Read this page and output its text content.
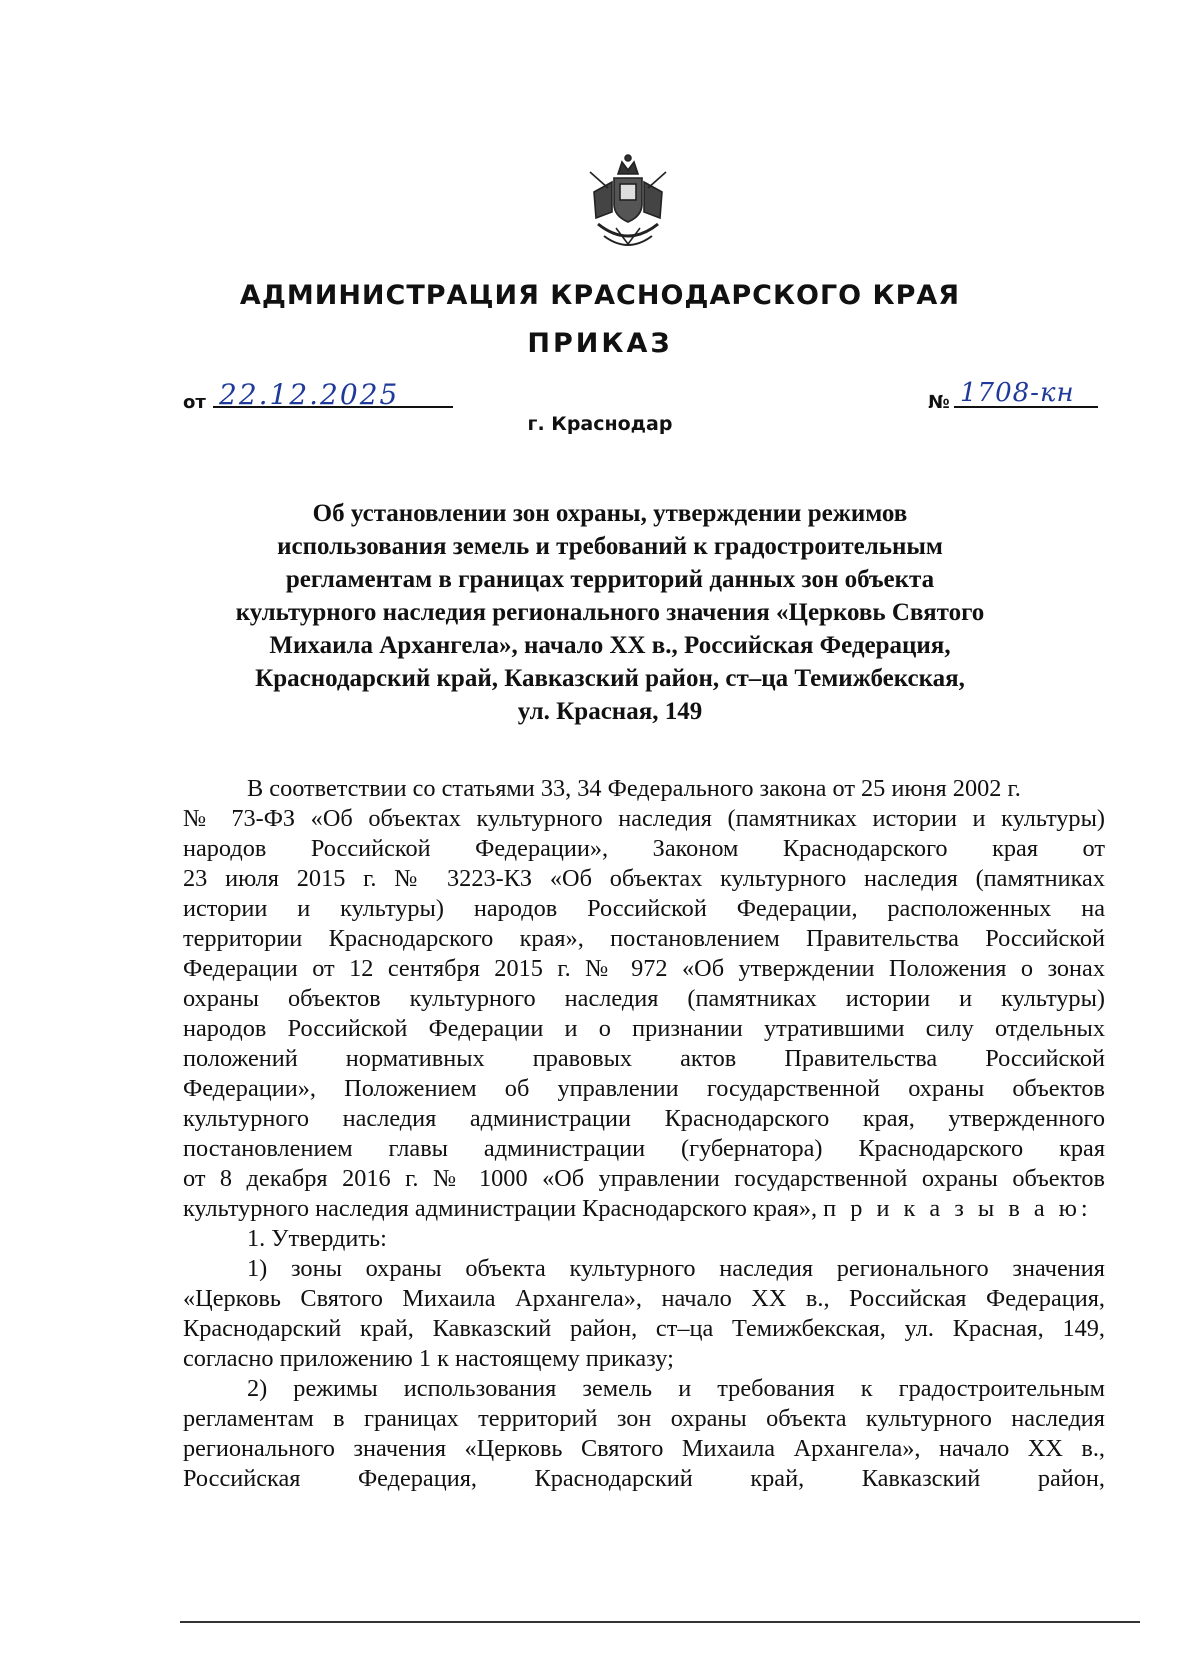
АДМИНИСТРАЦИЯ КРАСНОДАРСКОГО КРАЯ
ПРИКАЗ
от 22.12.2025	№ 1708-кн
г. Краснодар
Об установлении зон охраны, утверждении режимов
использования земель и требований к градостроительным
регламентам в границах территорий данных зон объекта
культурного наследия регионального значения «Церковь Святого
Михаила Архангела», начало XX в., Российская Федерация,
Краснодарский край, Кавказский район, ст–ца Темижбекская,
ул. Красная, 149
В соответствии со статьями 33, 34 Федерального закона от 25 июня 2002 г.
№ 73-ФЗ «Об объектах культурного наследия (памятниках истории и культуры)
народов Российской Федерации», Законом Краснодарского края от
23 июля 2015 г. № 3223-КЗ «Об объектах культурного наследия (памятниках
истории и культуры) народов Российской Федерации, расположенных на
территории Краснодарского края», постановлением Правительства Российской
Федерации от 12 сентября 2015 г. № 972 «Об утверждении Положения о зонах
охраны объектов культурного наследия (памятниках истории и культуры)
народов Российской Федерации и о признании утратившими силу отдельных
положений нормативных правовых актов Правительства Российской
Федерации», Положением об управлении государственной охраны объектов
культурного наследия администрации Краснодарского края, утвержденного
постановлением главы администрации (губернатора) Краснодарского края
от 8 декабря 2016 г. № 1000 «Об управлении государственной охраны объектов
культурного наследия администрации Краснодарского края», п р и к а з ы в а ю:
1. Утвердить:
1) зоны охраны объекта культурного наследия регионального значения
«Церковь Святого Михаила Архангела», начало XX в., Российская Федерация,
Краснодарский край, Кавказский район, ст–ца Темижбекская, ул. Красная, 149,
согласно приложению 1 к настоящему приказу;
2) режимы использования земель и требования к градостроительным
регламентам в границах территорий зон охраны объекта культурного наследия
регионального значения «Церковь Святого Михаила Архангела», начало XX в.,
Российская Федерация, Краснодарский край, Кавказский район,
